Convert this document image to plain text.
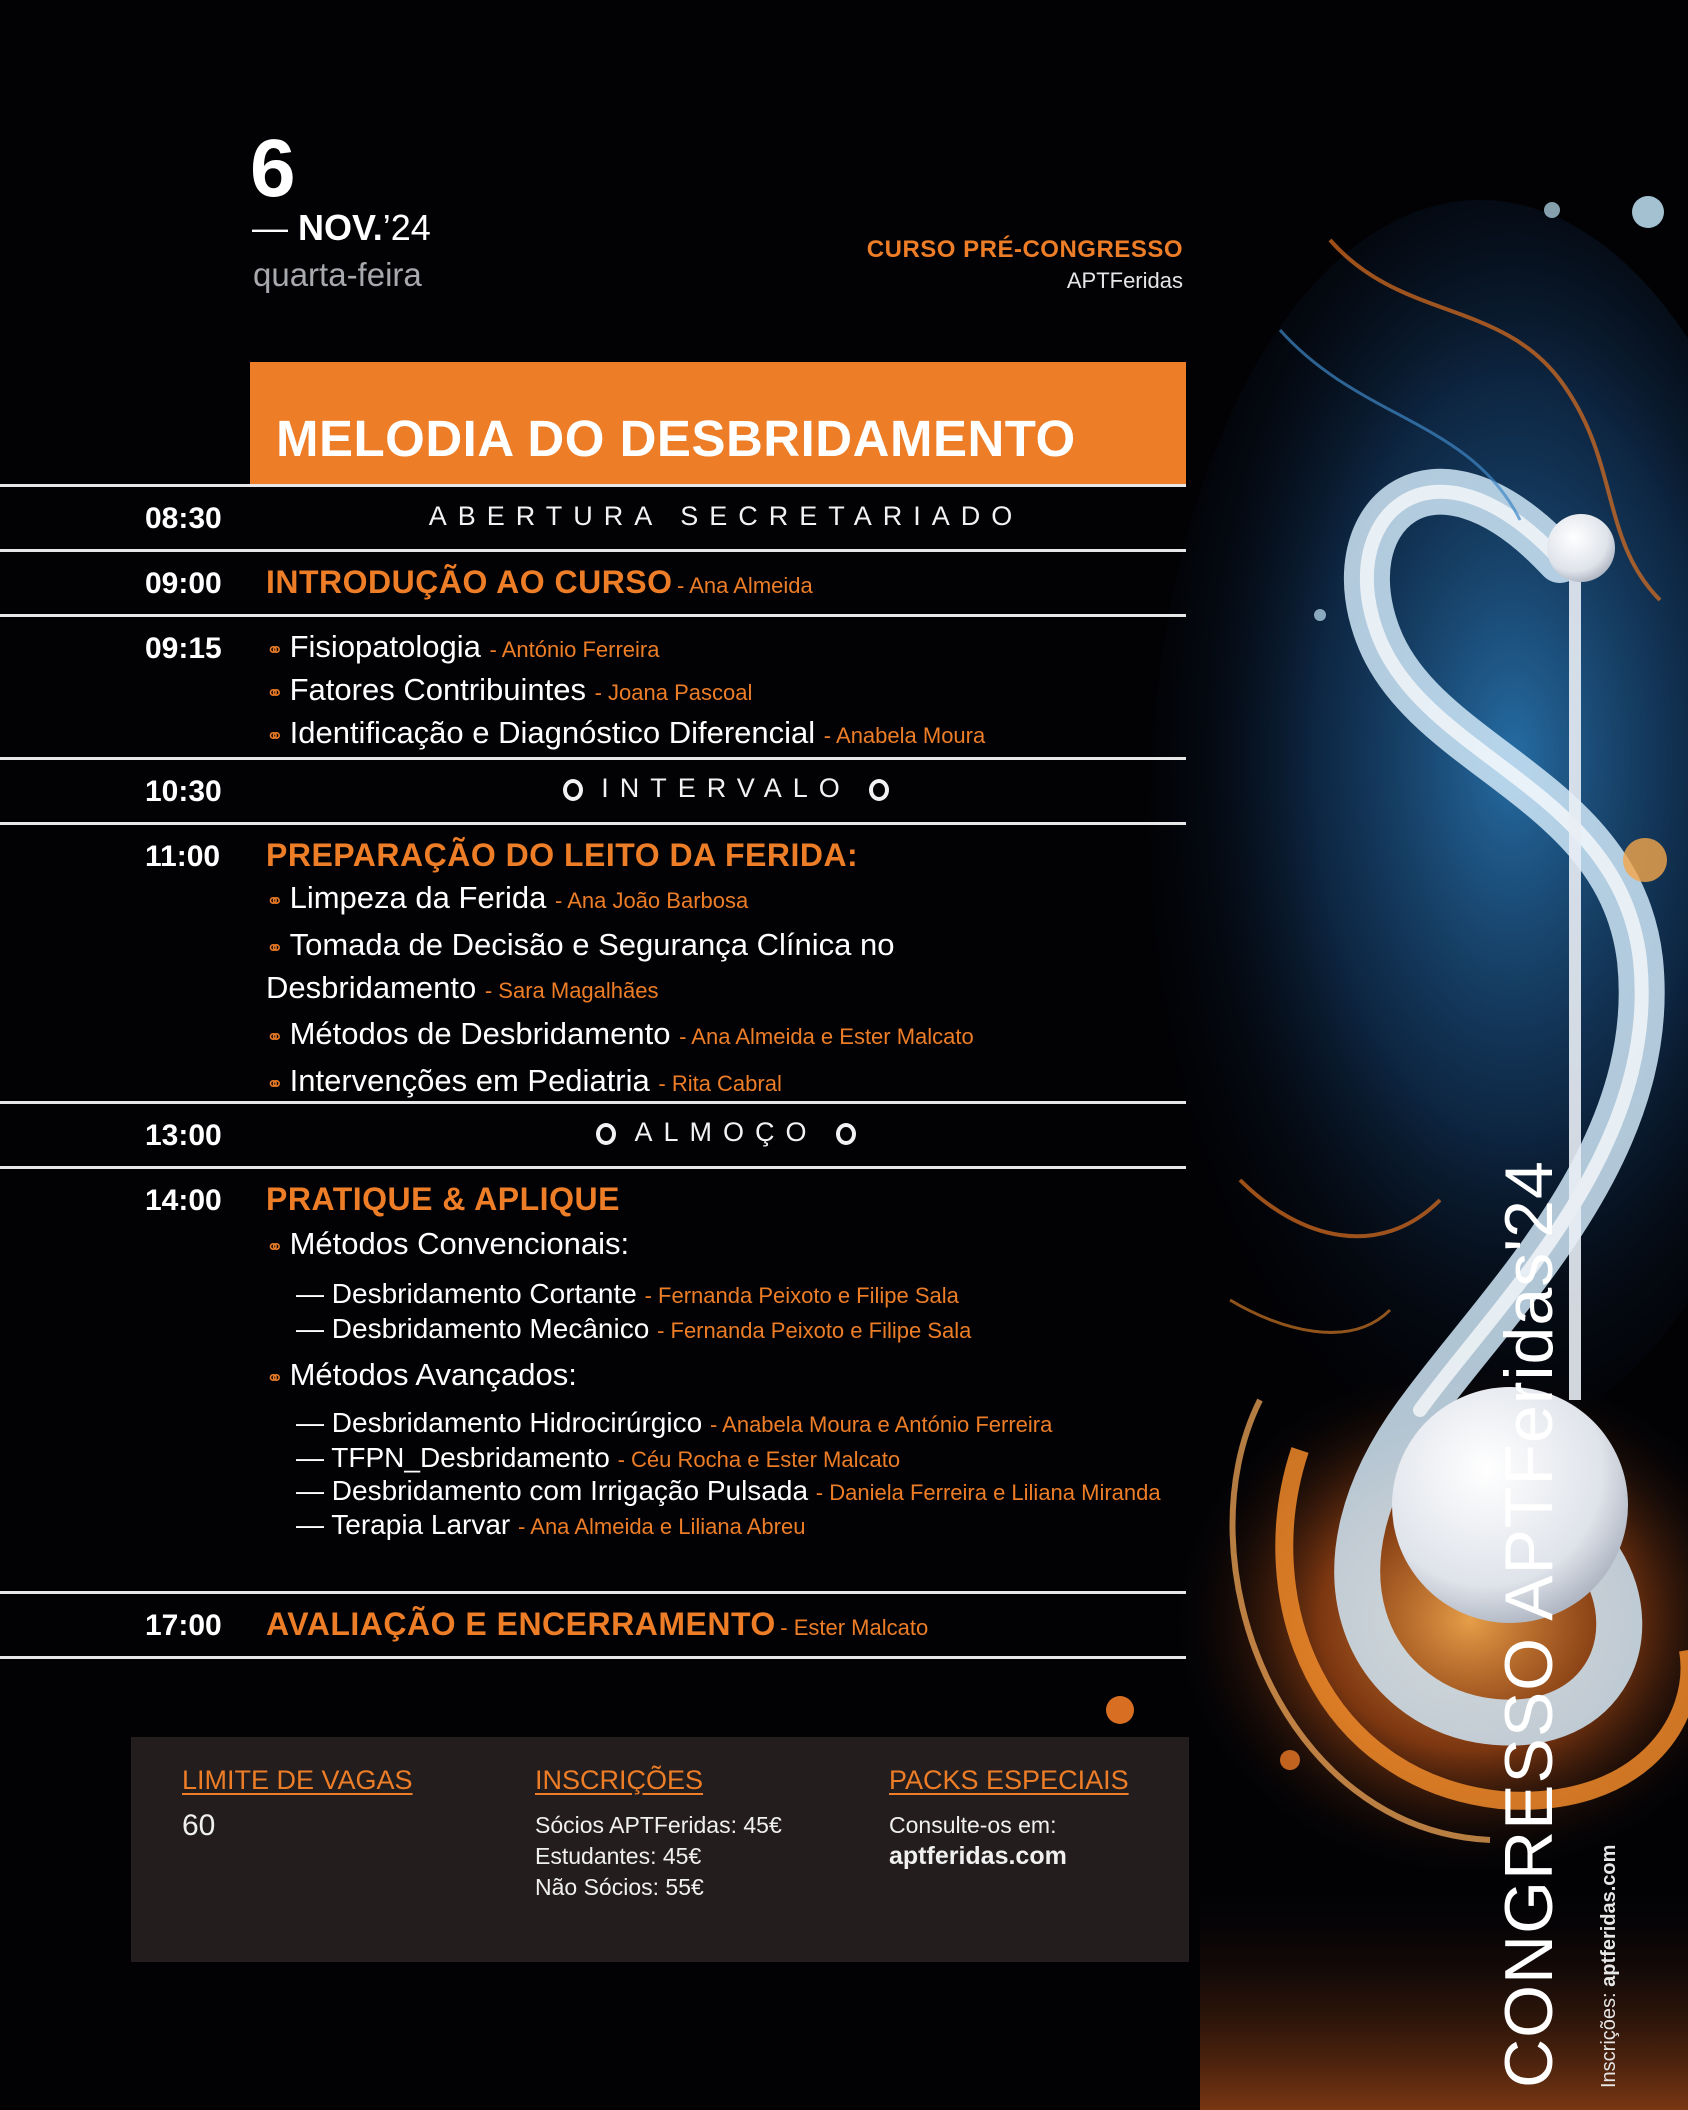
6
— NOV.’24
quarta-feira
CURSO PRÉ-CONGRESSO
APTFeridas
MELODIA DO DESBRIDAMENTO
08:30	ABERTURA SECRETARIADO
09:00 INTRODUÇÃO AO CURSO - Ana Almeida
09:15 ⚭ Fisiopatologia - António Ferreira
⚭ Fatores Contribuintes - Joana Pascoal
⚭ Identificação e Diagnóstico Diferencial - Anabela Moura
10:30	INTERVALO
11:00 PREPARAÇÃO DO LEITO DA FERIDA:
⚭ Limpeza da Ferida - Ana João Barbosa
⚭ Tomada de Decisão e Segurança Clínica no Desbridamento - Sara Magalhães
⚭ Métodos de Desbridamento - Ana Almeida e Ester Malcato
⚭ Intervenções em Pediatria - Rita Cabral
13:00	ALMOÇO
14:00 PRATIQUE & APLIQUE
⚭ Métodos Convencionais:
— Desbridamento Cortante - Fernanda Peixoto e Filipe Sala
— Desbridamento Mecânico - Fernanda Peixoto e Filipe Sala
⚭ Métodos Avançados:
— Desbridamento Hidrocirúrgico - Anabela Moura e António Ferreira
— TFPN_Desbridamento - Céu Rocha e Ester Malcato
— Desbridamento com Irrigação Pulsada - Daniela Ferreira e Liliana Miranda
— Terapia Larvar - Ana Almeida e Liliana Abreu
17:00 AVALIAÇÃO E ENCERRAMENTO - Ester Malcato
LIMITE DE VAGAS
60
INSCRIÇÕES
Sócios APTFeridas: 45€
Estudantes: 45€
Não Sócios: 55€
PACKS ESPECIAIS
Consulte-os em:
aptferidas.com	CONGRESSO APTFeridas'24 Inscrições: aptferidas.com
